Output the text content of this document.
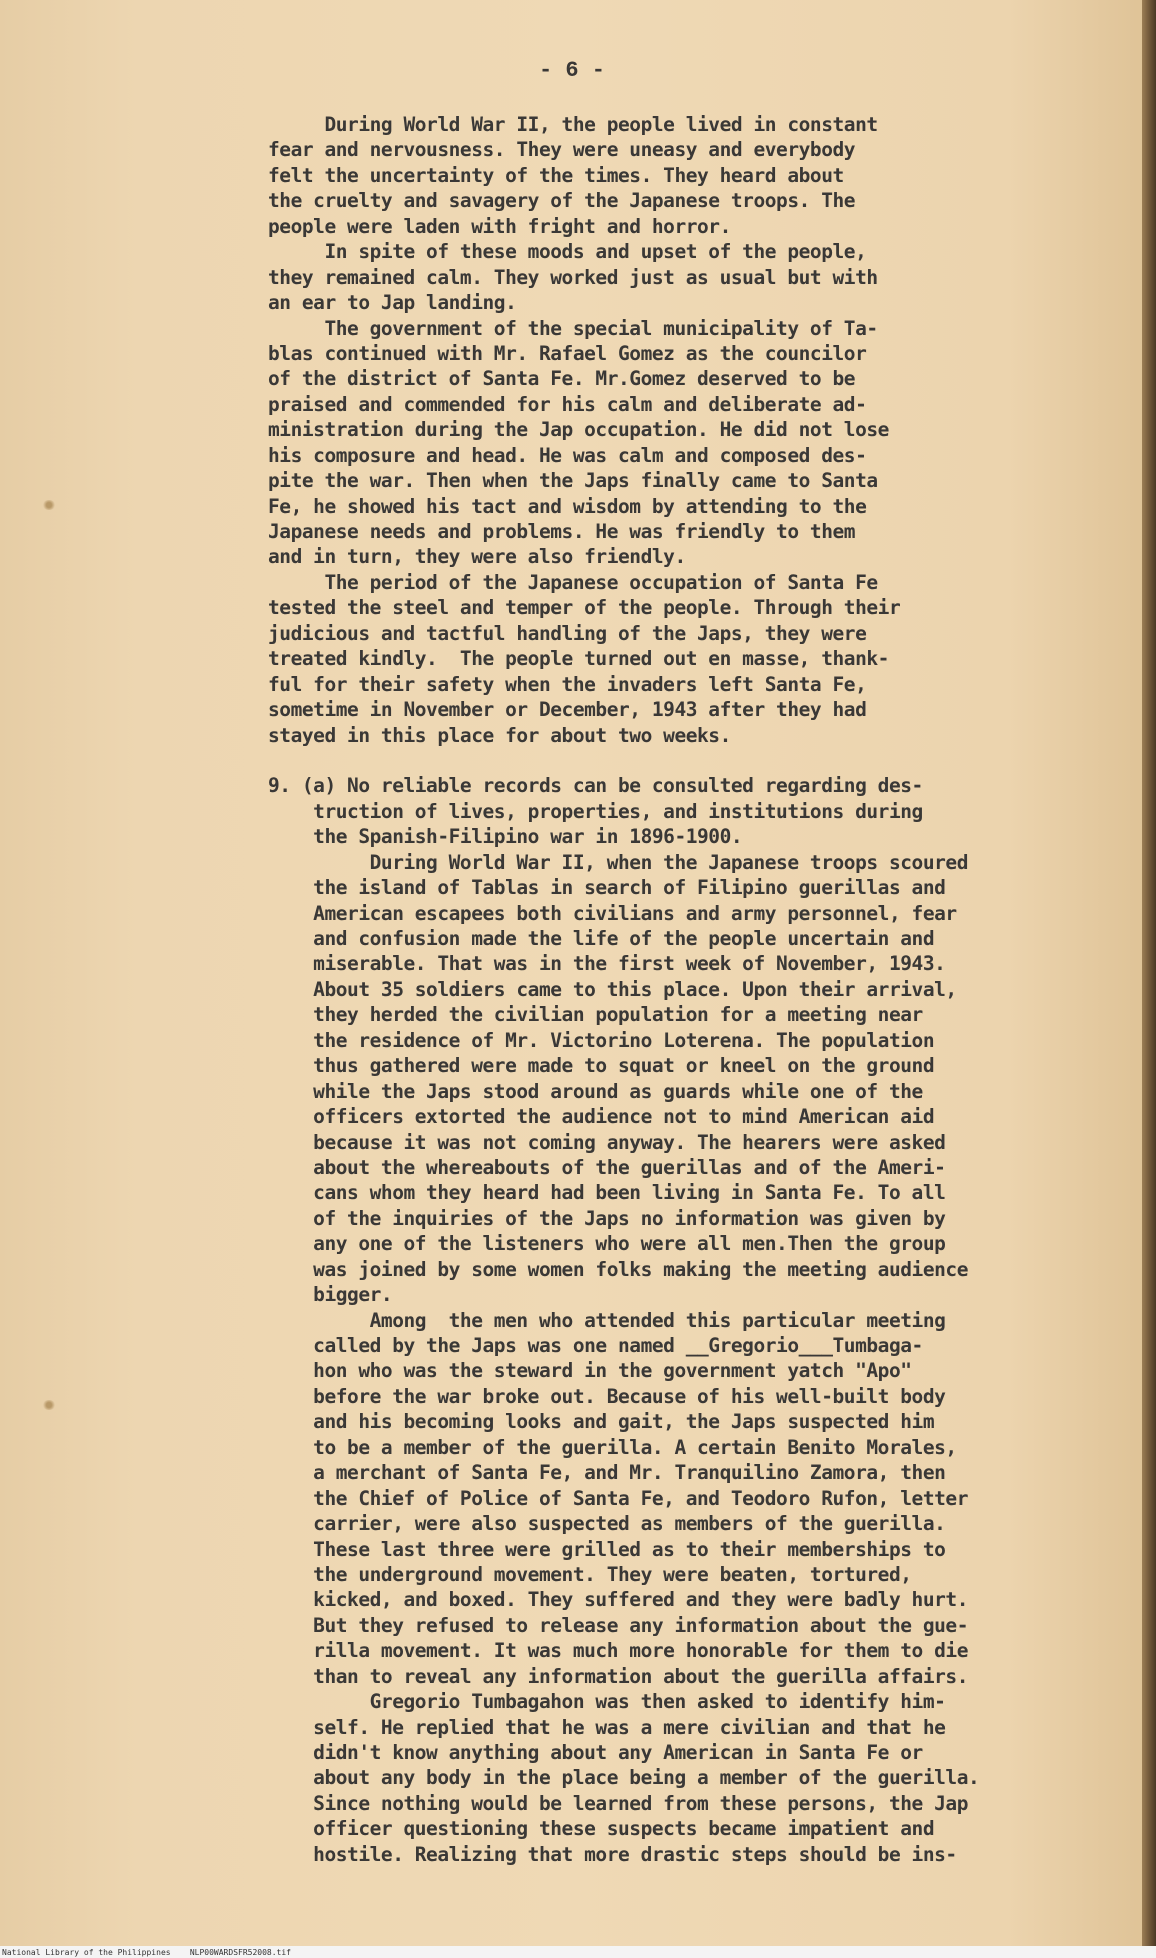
- 6 -

During World War II, the people lived in constant
fear and nervousness. They were uneasy and everybody
felt the uncertainty of the times. They heard about
the cruelty and savagery of the Japanese troops. The
people were laden with fright and horror.
In spite of these moods and upset of the people,
they remained calm. They worked just as usual but with
an ear to Jap landing.
The government of the special municipality of Ta-
blas continued with Mr. Rafael Gomez as the councilor
of the district of Santa Fe. Mr.Gomez deserved to be
praised and commended for his calm and deliberate ad-
ministration during the Jap occupation. He did not lose
his composure and head. He was calm and composed des-
pite the war. Then when the Japs finally came to Santa
Fe, he showed his tact and wisdom by attending to the
Japanese needs and problems. He was friendly to them
and in turn, they were also friendly.
The period of the Japanese occupation of Santa Fe
tested the steel and temper of the people. Through their
judicious and tactful handling of the Japs, they were
treated kindly.  The people turned out en masse, thank-
ful for their safety when the invaders left Santa Fe,
sometime in November or December, 1943 after they had
stayed in this place for about two weeks.
9. (a) No reliable records can be consulted regarding des-
truction of lives, properties, and institutions during
the Spanish-Filipino war in 1896-1900.
During World War II, when the Japanese troops scoured
the island of Tablas in search of Filipino guerillas and
American escapees both civilians and army personnel, fear
and confusion made the life of the people uncertain and
miserable. That was in the first week of November, 1943.
About 35 soldiers came to this place. Upon their arrival,
they herded the civilian population for a meeting near
the residence of Mr. Victorino Loterena. The population
thus gathered were made to squat or kneel on the ground
while the Japs stood around as guards while one of the
officers extorted the audience not to mind American aid
because it was not coming anyway. The hearers were asked
about the whereabouts of the guerillas and of the Ameri-
cans whom they heard had been living in Santa Fe. To all
of the inquiries of the Japs no information was given by
any one of the listeners who were all men.Then the group
was joined by some women folks making the meeting audience
bigger.
Among  the men who attended this particular meeting
called by the Japs was one named __Gregorio___Tumbaga-
hon who was the steward in the government yatch "Apo"
before the war broke out. Because of his well-built body
and his becoming looks and gait, the Japs suspected him
to be a member of the guerilla. A certain Benito Morales,
a merchant of Santa Fe, and Mr. Tranquilino Zamora, then
the Chief of Police of Santa Fe, and Teodoro Rufon, letter
carrier, were also suspected as members of the guerilla.
These last three were grilled as to their memberships to
the underground movement. They were beaten, tortured,
kicked, and boxed. They suffered and they were badly hurt.
But they refused to release any information about the gue-
rilla movement. It was much more honorable for them to die
than to reveal any information about the guerilla affairs.
Gregorio Tumbagahon was then asked to identify him-
self. He replied that he was a mere civilian and that he
didn't know anything about any American in Santa Fe or
about any body in the place being a member of the guerilla.
Since nothing would be learned from these persons, the Jap
officer questioning these suspects became impatient and
hostile. Realizing that more drastic steps should be ins-
National Library of the Philippines    NLP00WARDSFR52008.tif
